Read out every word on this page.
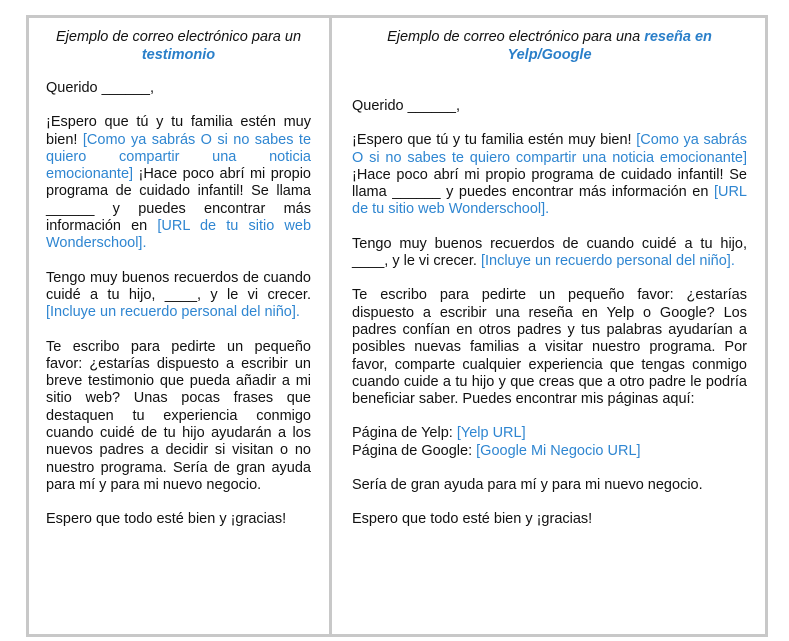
Ejemplo de correo electrónico para un testimonio

Querido ______,

¡Espero que tú y tu familia estén muy bien! [Como ya sabrás O si no sabes te quiero compartir una noticia emocionante] ¡Hace poco abrí mi propio programa de cuidado infantil! Se llama ______ y puedes encontrar más información en [URL de tu sitio web Wonderschool].

Tengo muy buenos recuerdos de cuando cuidé a tu hijo, ____, y le vi crecer. [Incluye un recuerdo personal del niño].

Te escribo para pedirte un pequeño favor: ¿estarías dispuesto a escribir un breve testimonio que pueda añadir a mi sitio web? Unas pocas frases que destaquen tu experiencia conmigo cuando cuidé de tu hijo ayudarán a los nuevos padres a decidir si visitan o no nuestro programa. Sería de gran ayuda para mí y para mi nuevo negocio.

Espero que todo esté bien y ¡gracias!

Ejemplo de correo electrónico para una reseña en Yelp/Google

Querido ______,

¡Espero que tú y tu familia estén muy bien! [Como ya sabrás O si no sabes te quiero compartir una noticia emocionante] ¡Hace poco abrí mi propio programa de cuidado infantil! Se llama ______ y puedes encontrar más información en [URL de tu sitio web Wonderschool].

Tengo muy buenos recuerdos de cuando cuidé a tu hijo, ____, y le vi crecer. [Incluye un recuerdo personal del niño].

Te escribo para pedirte un pequeño favor: ¿estarías dispuesto a escribir una reseña en Yelp o Google? Los padres confían en otros padres y tus palabras ayudarían a posibles nuevas familias a visitar nuestro programa. Por favor, comparte cualquier experiencia que tengas conmigo cuando cuide a tu hijo y que creas que a otro padre le podría beneficiar saber. Puedes encontrar mis páginas aquí:

Página de Yelp: [Yelp URL]
Página de Google: [Google Mi Negocio URL]

Sería de gran ayuda para mí y para mi nuevo negocio.

Espero que todo esté bien y ¡gracias!
